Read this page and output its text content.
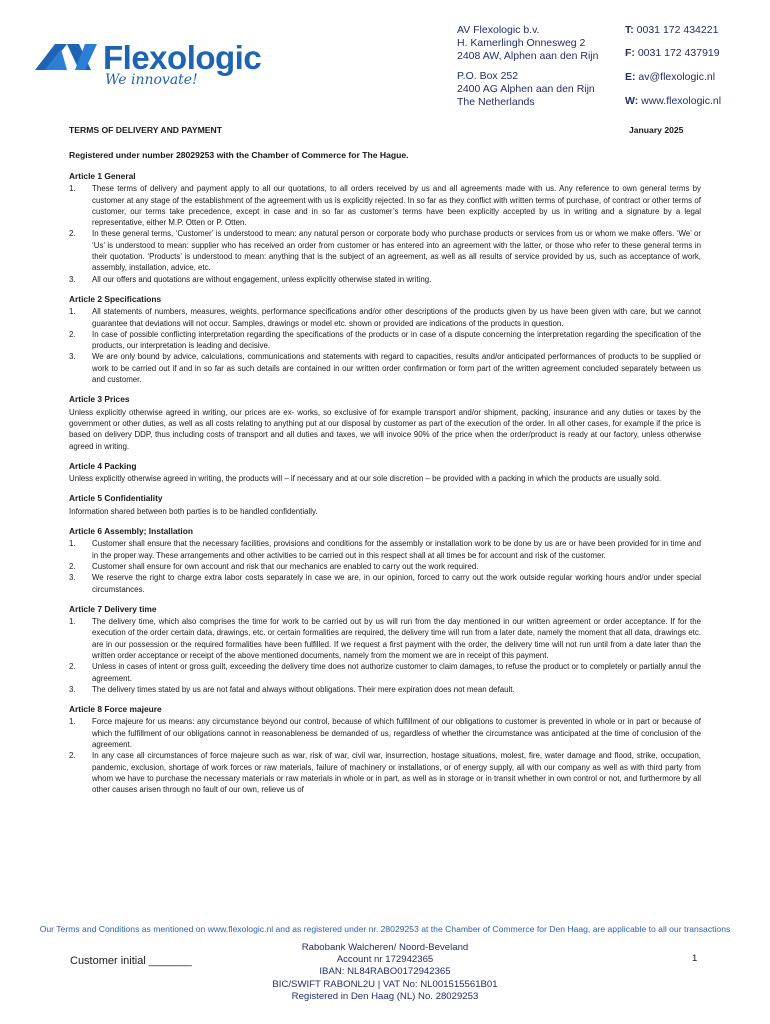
Flexologic
We innovate!
AV Flexologic b.v.
H. Kamerlingh Onnesweg 2
2408 AW, Alphen aan den Rijn
P.O. Box 252
2400 AG Alphen aan den Rijn
The Netherlands
T: 0031 172 434221
F: 0031 172 437919
E: av@flexologic.nl
W: www.flexologic.nl
TERMS OF DELIVERY AND PAYMENT	January 2025
Registered under number 28029253 with the Chamber of Commerce for The Hague.
Article 1 General
1. These terms of delivery and payment apply to all our quotations, to all orders received by us and all agreements made with us. Any reference to own general terms by customer at any stage of the establishment of the agreement with us is explicitly rejected. In so far as they conflict with written terms of purchase, of contract or other terms of customer, our terms take precedence, except in case and in so far as customer’s terms have been explicitly accepted by us in writing and a signature by a legal representative, either M.P. Otten or P. Otten.
2. In these general terms, ‘Customer’ is understood to mean: any natural person or corporate body who purchase products or services from us or whom we make offers. ‘We’ or ‘Us’ is understood to mean: supplier who has received an order from customer or has entered into an agreement with the latter, or those who refer to these general terms in their quotation. ‘Products’ is understood to mean: anything that is the subject of an agreement, as well as all results of service provided by us, such as acceptance of work, assembly, installation, advice, etc.
3. All our offers and quotations are without engagement, unless explicitly otherwise stated in writing.
Article 2 Specifications
1. All statements of numbers, measures, weights, performance specifications and/or other descriptions of the products given by us have been given with care, but we cannot guarantee that deviations will not occur. Samples, drawings or model etc. shown or provided are indications of the products in question.
2. In case of possible conflicting interpretation regarding the specifications of the products or in case of a dispute concerning the interpretation regarding the specification of the products, our interpretation is leading and decisive.
3. We are only bound by advice, calculations, communications and statements with regard to capacities, results and/or anticipated performances of products to be supplied or work to be carried out if and in so far as such details are contained in our written order confirmation or form part of the written agreement concluded separately between us and customer.
Article 3 Prices
Unless explicitly otherwise agreed in writing, our prices are ex- works, so exclusive of for example transport and/or shipment, packing, insurance and any duties or taxes by the government or other duties, as well as all costs relating to anything put at our disposal by customer as part of the execution of the order. In all other cases, for example if the price is based on delivery DDP, thus including costs of transport and all duties and taxes, we will invoice 90% of the price when the order/product is ready at our factory, unless otherwise agreed in writing.
Article 4 Packing
Unless explicitly otherwise agreed in writing, the products will – if necessary and at our sole discretion – be provided with a packing in which the products are usually sold.
Article 5 Confidentiality
Information shared between both parties is to be handled confidentially.
Article 6 Assembly; Installation
1. Customer shall ensure that the necessary facilities, provisions and conditions for the assembly or installation work to be done by us are or have been provided for in time and in the proper way. These arrangements and other activities to be carried out in this respect shall at all times be for account and risk of the customer.
2. Customer shall ensure for own account and risk that our mechanics are enabled to carry out the work required.
3. We reserve the right to charge extra labor costs separately in case we are, in our opinion, forced to carry out the work outside regular working hours and/or under special circumstances.
Article 7 Delivery time
1. The delivery time, which also comprises the time for work to be carried out by us will run from the day mentioned in our written agreement or order acceptance. If for the execution of the order certain data, drawings, etc. or certain formalities are required, the delivery time will run from a later date, namely the moment that all data, drawings etc. are in our possession or the required formalities have been fulfilled. If we request a first payment with the order, the delivery time will not run until from a date later than the written order acceptance or receipt of the above mentioned documents, namely from the moment we are in receipt of this payment.
2. Unless in cases of intent or gross guilt, exceeding the delivery time does not authorize customer to claim damages, to refuse the product or to completely or partially annul the agreement.
3. The delivery times stated by us are not fatal and always without obligations. Their mere expiration does not mean default.
Article 8 Force majeure
1. Force majeure for us means: any circumstance beyond our control, because of which fulfillment of our obligations to customer is prevented in whole or in part or because of which the fulfillment of our obligations cannot in reasonableness be demanded of us, regardless of whether the circumstance was anticipated at the time of conclusion of the agreement.
2. In any case all circumstances of force majeure such as war, risk of war, civil war, insurrection, hostage situations, molest, fire, water damage and flood, strike, occupation, pandemic, exclusion, shortage of work forces or raw materials, failure of machinery or installations, or of energy supply, all with our company as well as with third party from whom we have to purchase the necessary materials or raw materials in whole or in part, as well as in storage or in transit whether in own control or not, and furthermore by all other causes arisen through no fault of our own, relieve us of
Our Terms and Conditions as mentioned on www.flexologic.nl and as registered under nr. 28029253 at the Chamber of Commerce for Den Haag, are applicable to all our transactions
Customer initial _______
Rabobank Walcheren/ Noord-Beveland
Account nr 172942365
IBAN: NL84RABO0172942365
BIC/SWIFT RABONL2U | VAT No: NL001515561B01
Registered in Den Haag (NL) No. 28029253
1
